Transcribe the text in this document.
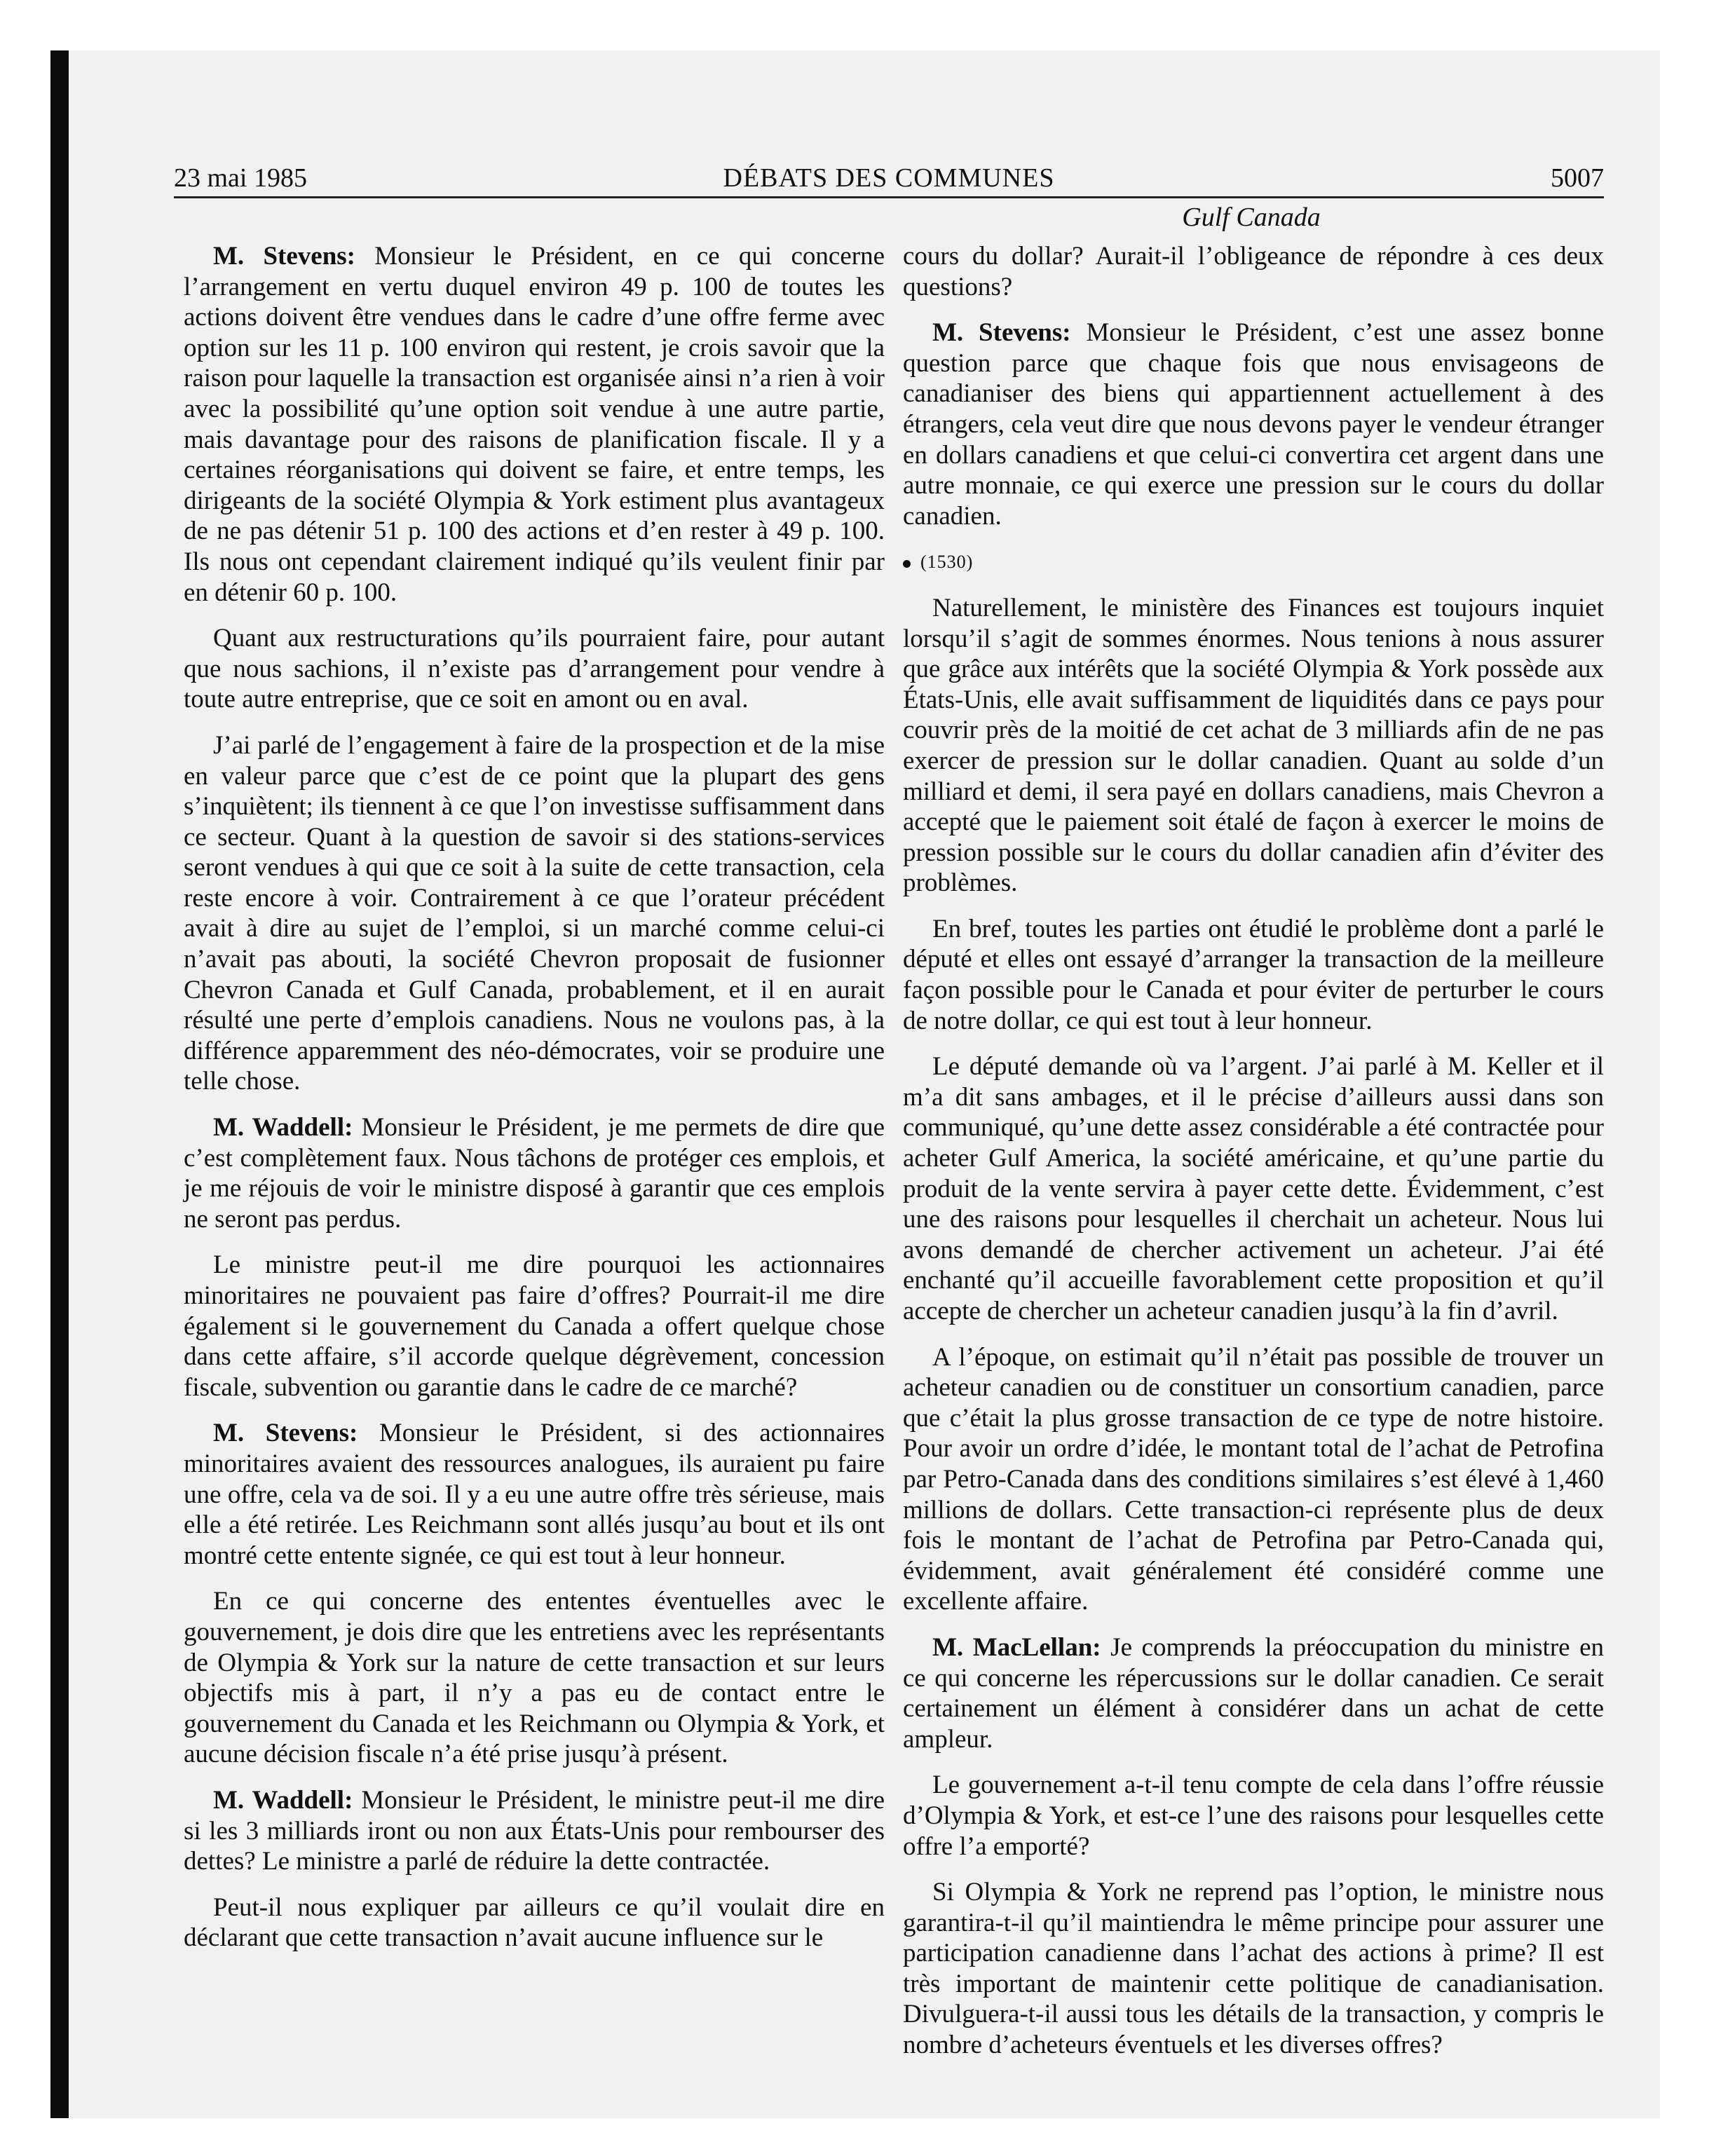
23 mai 1985	DÉBATS DES COMMUNES	5007
Gulf Canada

M. Stevens: Monsieur le Président, en ce qui concerne l’arrangement en vertu duquel environ 49 p. 100 de toutes les actions doivent être vendues dans le cadre d’une offre ferme avec option sur les 11 p. 100 environ qui restent, je crois savoir que la raison pour laquelle la transaction est organisée ainsi n’a rien à voir avec la possibilité qu’une option soit vendue à une autre partie, mais davantage pour des raisons de planification fiscale. Il y a certaines réorganisations qui doivent se faire, et entre temps, les dirigeants de la société Olympia & York estiment plus avantageux de ne pas détenir 51 p. 100 des actions et d’en rester à 49 p. 100. Ils nous ont cependant clairement indiqué qu’ils veulent finir par en détenir 60 p. 100.

Quant aux restructurations qu’ils pourraient faire, pour autant que nous sachions, il n’existe pas d’arrangement pour vendre à toute autre entreprise, que ce soit en amont ou en aval.

J’ai parlé de l’engagement à faire de la prospection et de la mise en valeur parce que c’est de ce point que la plupart des gens s’inquiètent; ils tiennent à ce que l’on investisse suffisamment dans ce secteur. Quant à la question de savoir si des stations-services seront vendues à qui que ce soit à la suite de cette transaction, cela reste encore à voir. Contrairement à ce que l’orateur précédent avait à dire au sujet de l’emploi, si un marché comme celui-ci n’avait pas abouti, la société Chevron proposait de fusionner Chevron Canada et Gulf Canada, probablement, et il en aurait résulté une perte d’emplois canadiens. Nous ne voulons pas, à la différence apparemment des néo-démocrates, voir se produire une telle chose.

M. Waddell: Monsieur le Président, je me permets de dire que c’est complètement faux. Nous tâchons de protéger ces emplois, et je me réjouis de voir le ministre disposé à garantir que ces emplois ne seront pas perdus.

Le ministre peut-il me dire pourquoi les actionnaires minoritaires ne pouvaient pas faire d’offres? Pourrait-il me dire également si le gouvernement du Canada a offert quelque chose dans cette affaire, s’il accorde quelque dégrèvement, concession fiscale, subvention ou garantie dans le cadre de ce marché?

M. Stevens: Monsieur le Président, si des actionnaires minoritaires avaient des ressources analogues, ils auraient pu faire une offre, cela va de soi. Il y a eu une autre offre très sérieuse, mais elle a été retirée. Les Reichmann sont allés jusqu’au bout et ils ont montré cette entente signée, ce qui est tout à leur honneur.

En ce qui concerne des ententes éventuelles avec le gouvernement, je dois dire que les entretiens avec les représentants de Olympia & York sur la nature de cette transaction et sur leurs objectifs mis à part, il n’y a pas eu de contact entre le gouvernement du Canada et les Reichmann ou Olympia & York, et aucune décision fiscale n’a été prise jusqu’à présent.

M. Waddell: Monsieur le Président, le ministre peut-il me dire si les 3 milliards iront ou non aux États-Unis pour rembourser des dettes? Le ministre a parlé de réduire la dette contractée.

Peut-il nous expliquer par ailleurs ce qu’il voulait dire en déclarant que cette transaction n’avait aucune influence sur le

cours du dollar? Aurait-il l’obligeance de répondre à ces deux questions?

M. Stevens: Monsieur le Président, c’est une assez bonne question parce que chaque fois que nous envisageons de canadianiser des biens qui appartiennent actuellement à des étrangers, cela veut dire que nous devons payer le vendeur étranger en dollars canadiens et que celui-ci convertira cet argent dans une autre monnaie, ce qui exerce une pression sur le cours du dollar canadien.

(1530)

Naturellement, le ministère des Finances est toujours inquiet lorsqu’il s’agit de sommes énormes. Nous tenions à nous assurer que grâce aux intérêts que la société Olympia & York possède aux États-Unis, elle avait suffisamment de liquidités dans ce pays pour couvrir près de la moitié de cet achat de 3 milliards afin de ne pas exercer de pression sur le dollar canadien. Quant au solde d’un milliard et demi, il sera payé en dollars canadiens, mais Chevron a accepté que le paiement soit étalé de façon à exercer le moins de pression possible sur le cours du dollar canadien afin d’éviter des problèmes.

En bref, toutes les parties ont étudié le problème dont a parlé le député et elles ont essayé d’arranger la transaction de la meilleure façon possible pour le Canada et pour éviter de perturber le cours de notre dollar, ce qui est tout à leur honneur.

Le député demande où va l’argent. J’ai parlé à M. Keller et il m’a dit sans ambages, et il le précise d’ailleurs aussi dans son communiqué, qu’une dette assez considérable a été contractée pour acheter Gulf America, la société américaine, et qu’une partie du produit de la vente servira à payer cette dette. Évidemment, c’est une des raisons pour lesquelles il cherchait un acheteur. Nous lui avons demandé de chercher activement un acheteur. J’ai été enchanté qu’il accueille favorablement cette proposition et qu’il accepte de chercher un acheteur canadien jusqu’à la fin d’avril.

A l’époque, on estimait qu’il n’était pas possible de trouver un acheteur canadien ou de constituer un consortium canadien, parce que c’était la plus grosse transaction de ce type de notre histoire. Pour avoir un ordre d’idée, le montant total de l’achat de Petrofina par Petro-Canada dans des conditions similaires s’est élevé à 1,460 millions de dollars. Cette transaction-ci représente plus de deux fois le montant de l’achat de Petrofina par Petro-Canada qui, évidemment, avait généralement été considéré comme une excellente affaire.

M. MacLellan: Je comprends la préoccupation du ministre en ce qui concerne les répercussions sur le dollar canadien. Ce serait certainement un élément à considérer dans un achat de cette ampleur.

Le gouvernement a-t-il tenu compte de cela dans l’offre réussie d’Olympia & York, et est-ce l’une des raisons pour lesquelles cette offre l’a emporté?

Si Olympia & York ne reprend pas l’option, le ministre nous garantira-t-il qu’il maintiendra le même principe pour assurer une participation canadienne dans l’achat des actions à prime? Il est très important de maintenir cette politique de canadianisation. Divulguera-t-il aussi tous les détails de la transaction, y compris le nombre d’acheteurs éventuels et les diverses offres?
